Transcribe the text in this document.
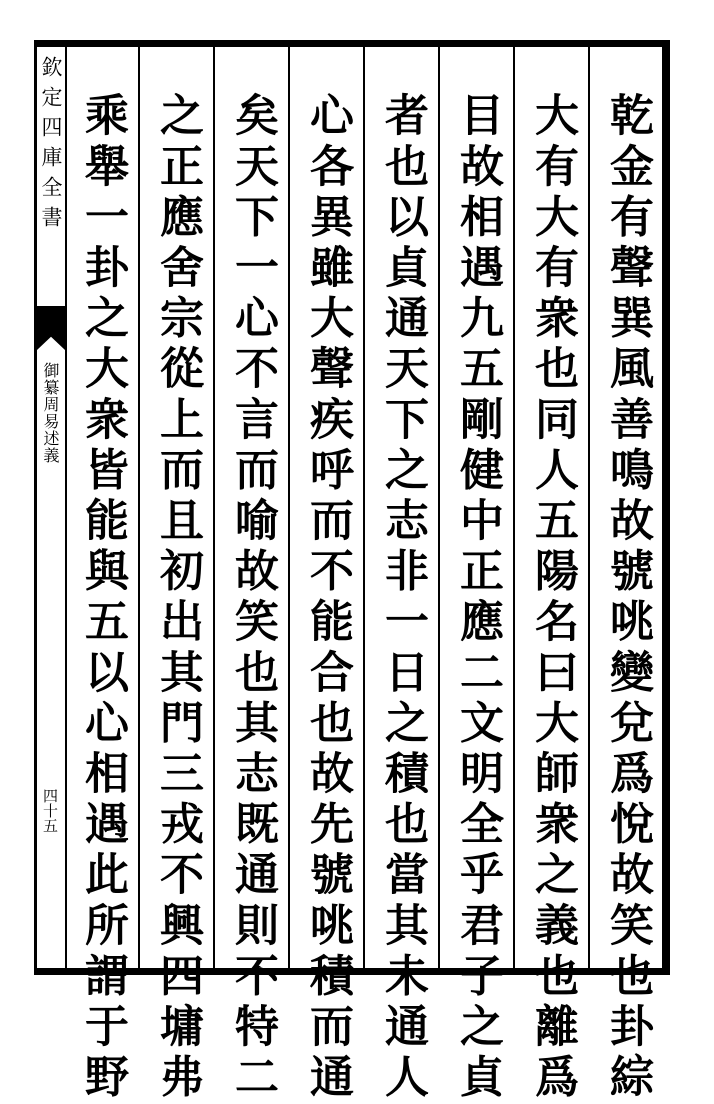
欽定四庫全書
御纂周易述義
四十五	乾金有聲巽風善鳴故號咷變兌爲悅故笑也卦綜
大有大有衆也同人五陽名曰大師衆之義也離爲
目故相遇九五剛健中正應二文明全乎君子之貞
者也以貞通天下之志非一日之積也當其未通人
心各異雖大聲疾呼而不能合也故先號咷積而通
矣天下一心不言而喻故笑也其志既通則不特二
之正應舍宗從上而且初出其門三戎不興四墉弗
乘舉一卦之大衆皆能與五以心相遇此所謂于野
